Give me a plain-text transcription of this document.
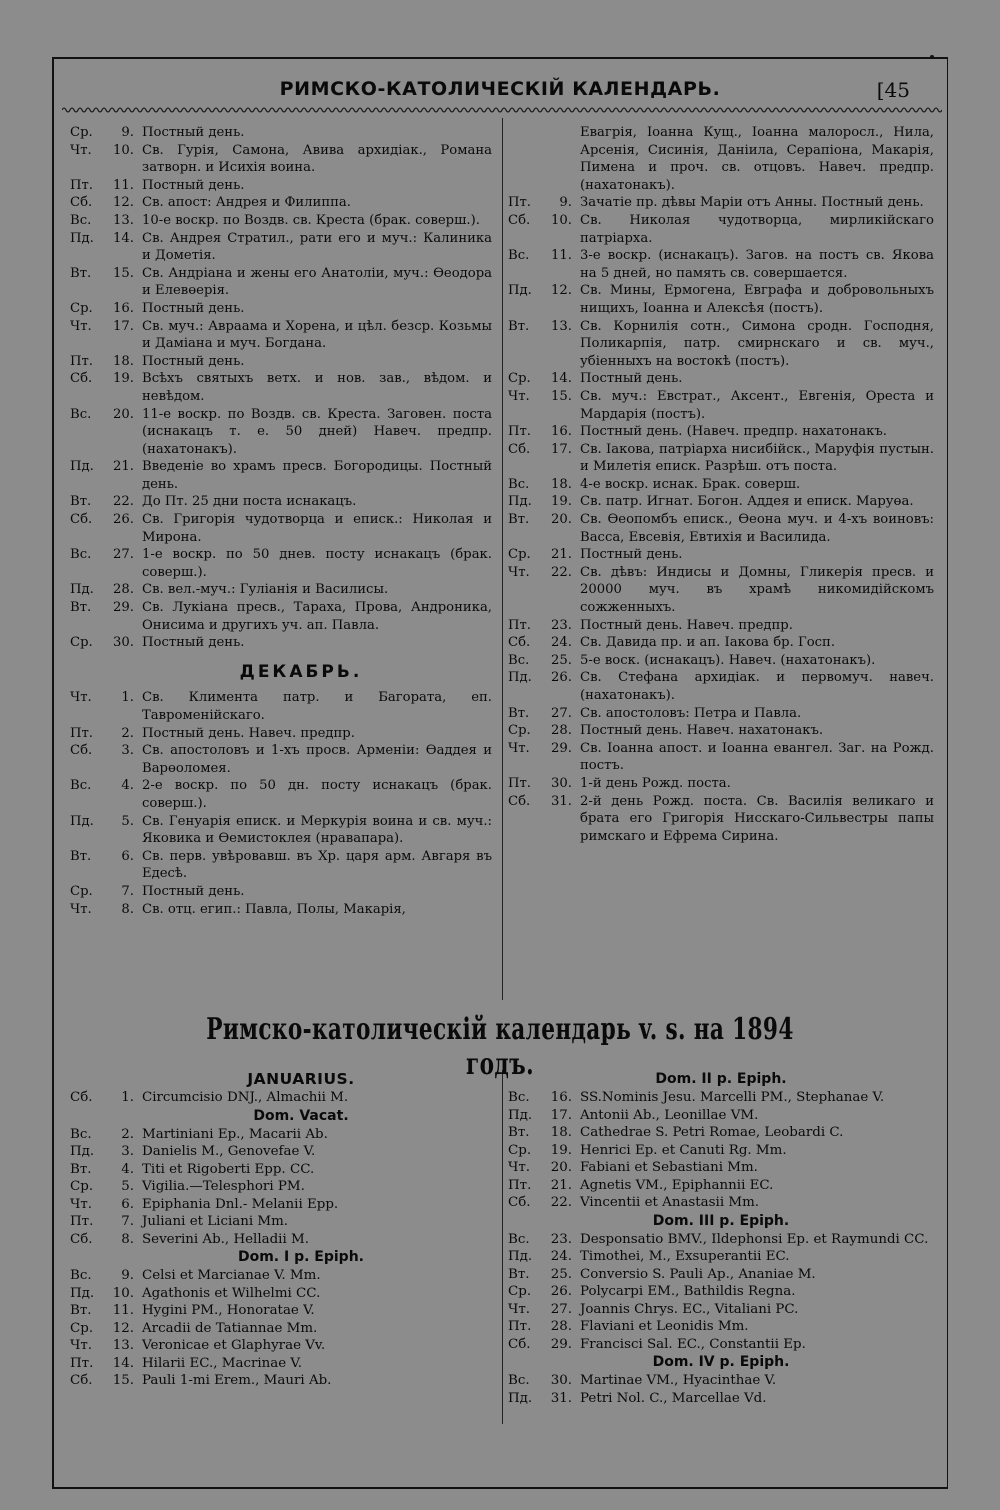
РИМСКО-КАТОЛИЧЕСКІЙ КАЛЕНДАРЬ.	[45
Ср.	9. Постный день.
Чт.	10. Св. Гурія, Самона, Авива архидіак., Романа затворн. и Исихія воина.
Пт.	11. Постный день.
Сб.	12. Св. апост: Андрея и Филиппа.
Вс.	13. 10-е воскр. по Воздв. св. Креста (брак. соверш.).
Пд.	14. Св. Андрея Стратил., рати его и муч.: Калиника и Дометія.
Вт.	15. Св. Андріана и жены его Анатоліи, муч.: Өеодора и Елевөерія.
Ср.	16. Постный день.
Чт.	17. Св. муч.: Авраама и Хорена, и цѣл. безср. Козьмы и Даміана и муч. Богдана.
Пт.	18. Постный день.
Сб.	19. Всѣхъ святыхъ ветх. и нов. зав., вѣдом. и невѣдом.
Вс.	20. 11-е воскр. по Воздв. св. Креста. Заговен. поста (иснакацъ т. е. 50 дней) Навеч. предпр. (нахатонакъ).
Пд.	21. Введеніе во храмъ пресв. Богородицы. Постный день.
Вт.	22. До Пт. 25 дни поста иснакацъ.
Сб.	26. Св. Григорія чудотворца и еписк.: Николая и Мирона.
Вс.	27. 1-е воскр. по 50 днев. посту иснакацъ (брак. соверш.).
Пд.	28. Св. вел.-муч.: Гуліанія и Василисы.
Вт.	29. Св. Лукіана пресв., Тараха, Прова, Андроника, Онисима и другихъ уч. ап. Павла.
Ср.	30. Постный день.
ДЕКАБРЬ.
Чт.	1. Св. Климента патр. и Багората, еп. Тавроменійскаго.
Пт.	2. Постный день. Навеч. предпр.
Сб.	3. Св. апостоловъ и 1-хъ просв. Арменіи: Өаддея и Варөоломея.
Вс.	4. 2-е воскр. по 50 дн. посту иснакацъ (брак. соверш.).
Пд.	5. Св. Генуарія еписк. и Меркурія воина и св. муч.: Яковика и Өемистоклея (нравапара).
Вт.	6. Св. перв. увѣровавш. въ Хр. царя арм. Авгаря въ Едесѣ.
Ср.	7. Постный день.
Чт.	8. Св. отц. егип.: Павла, Полы, Макарія,
Евагрія, Іоанна Кущ., Іоанна малоросл., Нила, Арсенія, Сисинія, Даніила, Серапіона, Макарія, Пимена и проч. св. отцовъ. Навеч. предпр. (нахатонакъ).
Пт.	9. Зачатіе пр. дѣвы Маріи отъ Анны. Постный день.
Сб.	10. Св. Николая чудотворца, мирликійскаго патріарха.
Вс.	11. 3-е воскр. (иснакацъ). Загов. на постъ св. Якова на 5 дней, но память св. совершается.
Пд.	12. Св. Мины, Ермогена, Евграфа и добровольныхъ нищихъ, Іоанна и Алексѣя (постъ).
Вт.	13. Св. Корнилія сотн., Симона сродн. Господня, Поликарпія, патр. смирнскаго и св. муч., убіенныхъ на востокѣ (постъ).
Ср.	14. Постный день.
Чт.	15. Св. муч.: Евстрат., Аксент., Евгенія, Ореста и Мардарія (постъ).
Пт.	16. Постный день. (Навеч. предпр. нахатонакъ.
Сб.	17. Св. Іакова, патріарха нисибійск., Маруфія пустын. и Милетія еписк. Разрѣш. отъ поста.
Вс.	18. 4-е воскр. иснак. Брак. соверш.
Пд.	19. Св. патр. Игнат. Богон. Аддея и еписк. Маруөа.
Вт.	20. Св. Өеопомбъ еписк., Өеона муч. и 4-хъ воиновъ: Васса, Евсевія, Евтихія и Василида.
Ср.	21. Постный день.
Чт.	22. Св. дѣвъ: Индисы и Домны, Гликерія пресв. и 20000 муч. въ храмѣ никомидійскомъ сожженныхъ.
Пт.	23. Постный день. Навеч. предпр.
Сб.	24. Св. Давида пр. и ап. Іакова бр. Госп.
Вс.	25. 5-е воск. (иснакацъ). Навеч. (нахатонакъ).
Пд.	26. Св. Стефана архидіак. и первомуч. навеч. (нахатонакъ).
Вт.	27. Св. апостоловъ: Петра и Павла.
Ср.	28. Постный день. Навеч. нахатонакъ.
Чт.	29. Св. Іоанна апост. и Іоанна евангел. Заг. на Рожд. постъ.
Пт.	30. 1-й день Рожд. поста.
Сб.	31. 2-й день Рожд. поста. Св. Василія великаго и брата его Григорія Нисскаго-Сильвестры папы римскаго и Ефрема Сирина.
Римско-католическій календарь v. s. на 1894 годъ.
JANUARIUS.
Сб.	1. Circumcisio DNJ., Almachii M.
Dom. Vacat.
Вс.	2. Martiniani Ep., Macarii Ab.
Пд.	3. Danielis M., Genovefae V.
Вт.	4. Titi et Rigoberti Epp. CC.
Ср.	5. Vigilia.—Telesphori PM.
Чт.	6. Epiphania Dnl.- Melanii Epp.
Пт.	7. Juliani et Liciani Mm.
Сб.	8. Severini Ab., Helladii M.
Dom. I p. Epiph.
Вс.	9. Celsi et Marcianae V. Mm.
Пд.	10. Agathonis et Wilhelmi CC.
Вт.	11. Hygini PM., Honoratae V.
Ср.	12. Arcadii de Tatiannae Mm.
Чт.	13. Veronicae et Glaphyrae Vv.
Пт.	14. Hilarii EC., Macrinae V.
Сб.	15. Pauli 1-mi Erem., Mauri Ab.
Dom. II p. Epiph.
Вс.	16. SS.Nominis Jesu. Marcelli PM., Stephanae V.
Пд.	17. Antonii Ab., Leonillae VM.
Вт.	18. Cathedrae S. Petri Romae, Leobardi C.
Ср.	19. Henrici Ep. et Canuti Rg. Mm.
Чт.	20. Fabiani et Sebastiani Mm.
Пт.	21. Agnetis VM., Epiphannii EC.
Сб.	22. Vincentii et Anastasii Mm.
Dom. III p. Epiph.
Вс.	23. Desponsatio BMV., Ildephonsi Ep. et Raymundi CC.
Пд.	24. Timothei, M., Exsuperantii EC.
Вт.	25. Conversio S. Pauli Ap., Ananiae M.
Ср.	26. Polycarpi EM., Bathildis Regna.
Чт.	27. Joannis Chrys. EC., Vitaliani PC.
Пт.	28. Flaviani et Leonidis Mm.
Сб.	29. Francisci Sal. EC., Constantii Ep.
Dom. IV p. Epiph.
Вс.	30. Martinae VM., Hyacinthae V.
Пд.	31. Petri Nol. C., Marcellae Vd.
